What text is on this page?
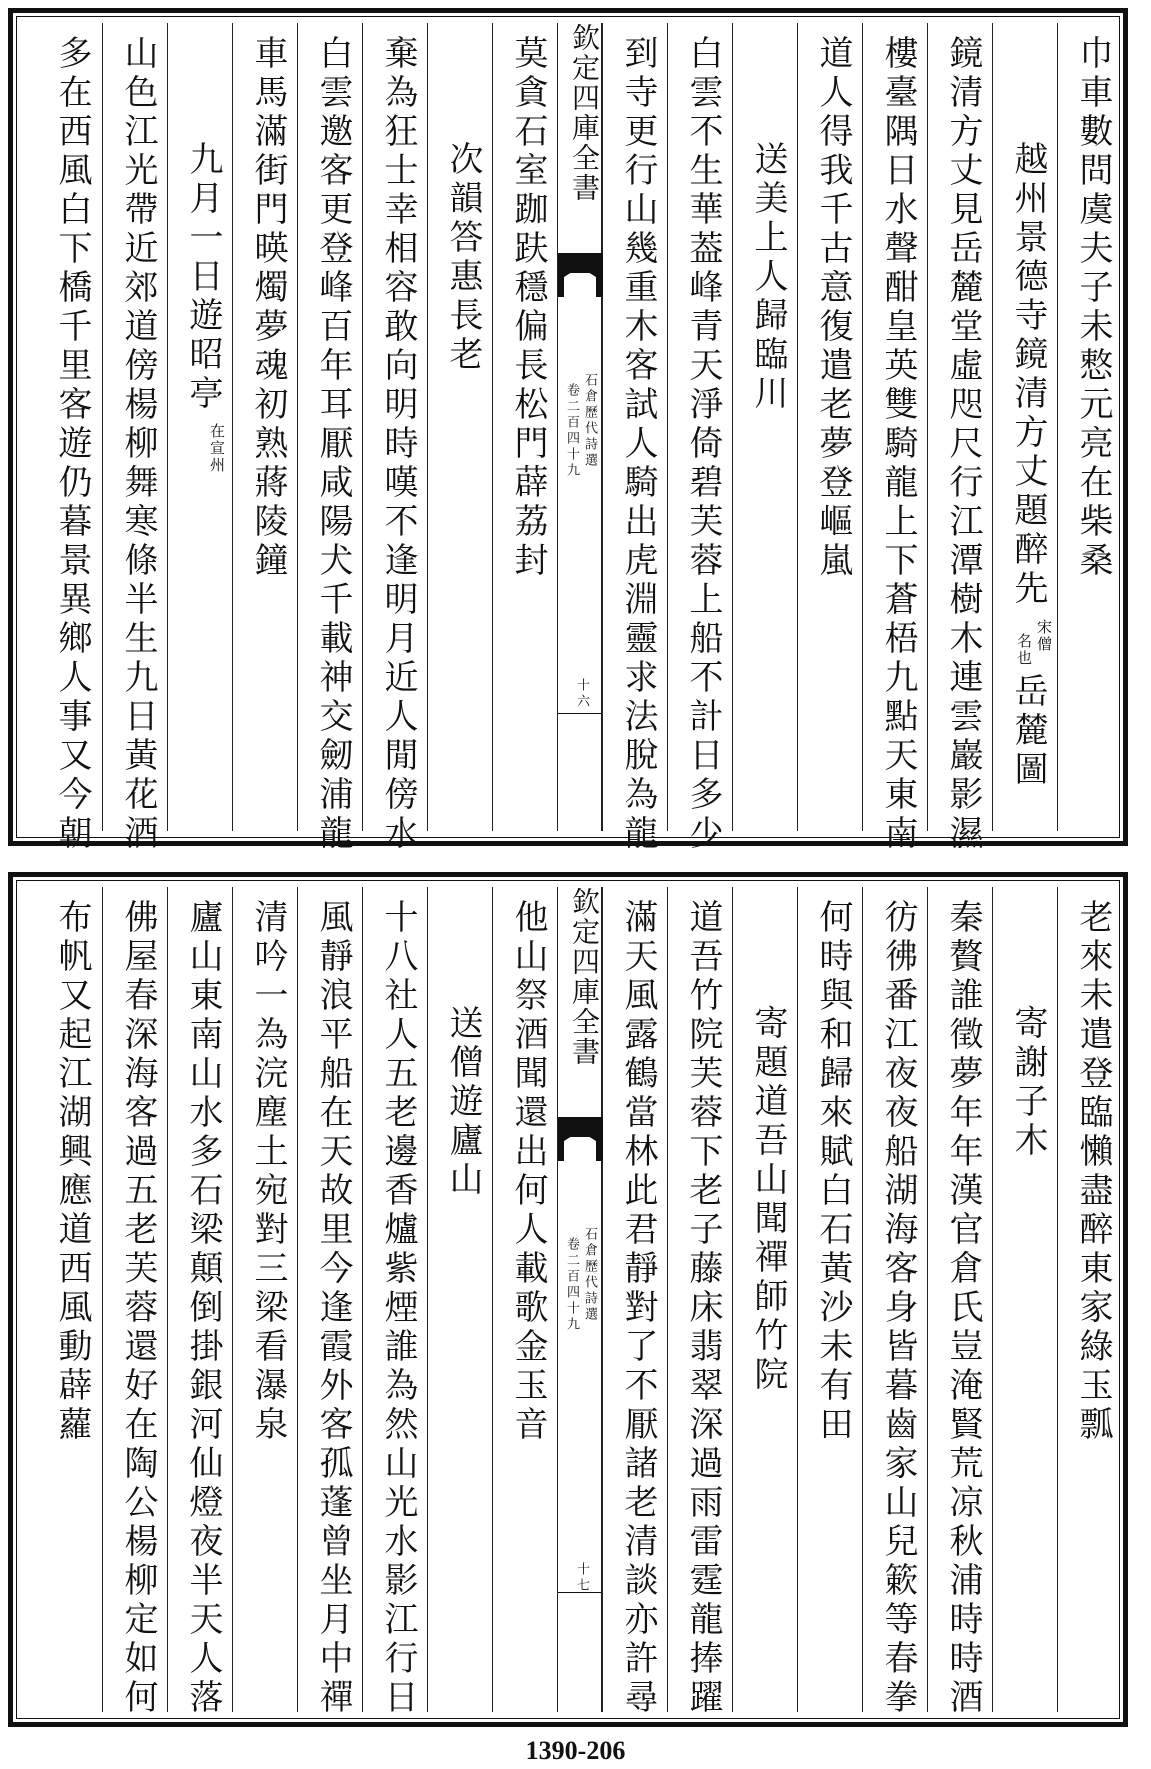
巾車數問虞夫子未慗元亮在柴桑
越州景德寺鏡清方丈題醉先
宋僧
名也
岳麓圖
鏡清方丈見岳麓堂虛咫尺行江潭樹木連雲巖影濕
樓臺隅日水聲酣皇英雙騎龍上下蒼梧九點天東南
道人得我千古意復遣老夢登嶇嵐
送美上人歸臨川
白雲不生華葢峰青天淨倚碧芙蓉上船不計日多少
到寺更行山幾重木客試人騎出虎淵靈求法脫為龍
欽定四庫全書
石倉歷代詩選
卷二百四十九
十六
莫貪石室跏趺穩偏長松門薜荔封
次韻答惠長老
棄為狂士幸相容敢向明時嘆不逢明月近人閒傍水
白雲邀客更登峰百年耳厭咸陽犬千載神交劒浦龍
車馬滿街門暎燭夢魂初熟蔣陵鐘
九月一日遊昭亭
在宣州
山色江光帶近郊道傍楊柳舞寒條半生九日黃花酒
多在西風白下橋千里客遊仍暮景異鄉人事又今朝
老來未遣登臨懶盡醉東家綠玉瓢
寄謝子木
秦贅誰徵夢年年漢官倉氏豈淹賢荒凉秋浦時時酒
彷彿番江夜夜船湖海客身皆暮齒家山兒簌等春拳
何時與和歸來賦白石黃沙未有田
寄題道吾山聞禪師竹院
道吾竹院芙蓉下老子藤床翡翠深過雨雷霆龍捧躍
滿天風露鶴當林此君靜對了不厭諸老清談亦許尋
欽定四庫全書
石倉歷代詩選
卷二百四十九
十七
他山祭酒聞還出何人載歌金玉音
送僧遊廬山
十八社人五老邊香爐紫煙誰為然山光水影江行日
風靜浪平船在天故里今逢霞外客孤蓬曾坐月中禪
清吟一為浣塵土宛對三梁看瀑泉
廬山東南山水多石梁顛倒掛銀河仙燈夜半天人落
佛屋春深海客過五老芙蓉還好在陶公楊柳定如何
布帆又起江湖興應道西風動薜蘿
1390-206
